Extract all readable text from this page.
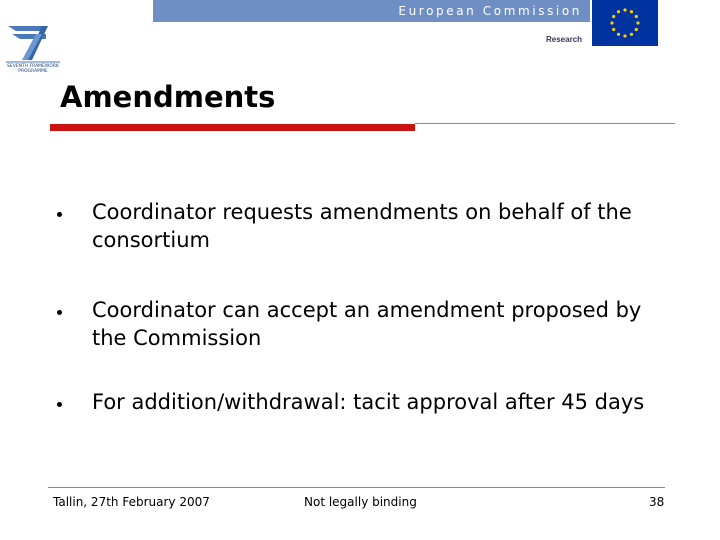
SEVENTH FRAMEWORK
PROGRAMME
European Commission
Research
Amendments
Coordinator requests amendments on behalf of the consortium
Coordinator can accept an amendment proposed by the Commission
For addition/withdrawal: tacit approval after 45 days
Tallin, 27th February 2007	Not legally binding	38
